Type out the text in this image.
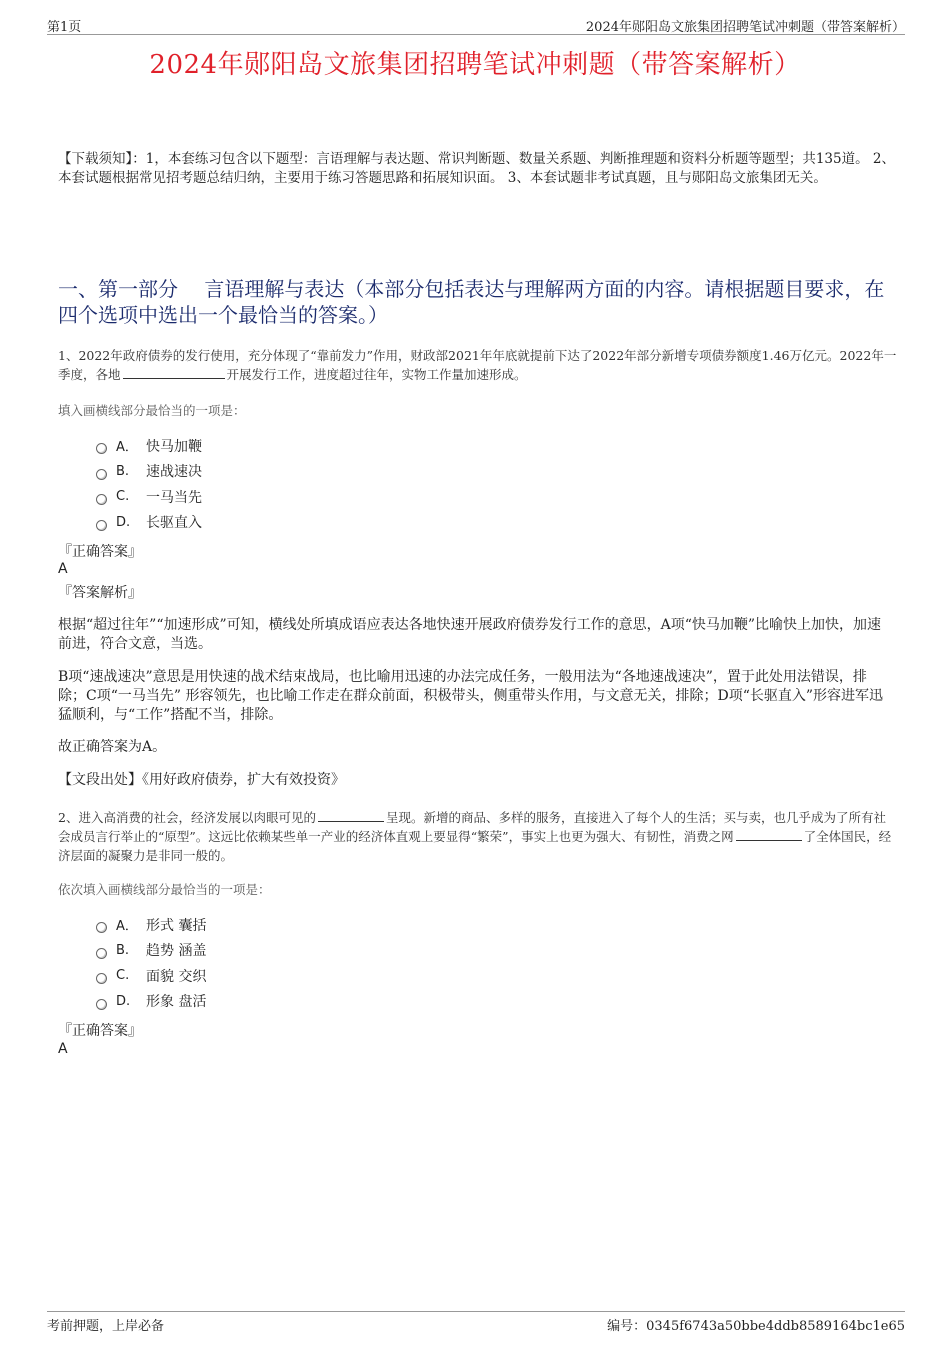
第1页	2024年郧阳岛文旅集团招聘笔试冲刺题（带答案解析）
2024年郧阳岛文旅集团招聘笔试冲刺题（带答案解析）
【下载须知】：1，本套练习包含以下题型：言语理解与表达题、常识判断题、数量关系题、判断推理题和资料分析题等题型；共135道。 2、本套试题根据常见招考题总结归纳，主要用于练习答题思路和拓展知识面。 3、本套试题非考试真题，且与郧阳岛文旅集团无关。
一、第一部分　 言语理解与表达（本部分包括表达与理解两方面的内容。请根据题目要求，在四个选项中选出一个最恰当的答案。）
1、2022年政府债券的发行使用，充分体现了“靠前发力”作用，财政部2021年年底就提前下达了2022年部分新增专项债券额度1.46万亿元。2022年一季度，各地	开展发行工作，进度超过往年，实物工作量加速形成。
填入画横线部分最恰当的一项是：
A． 快马加鞭
B.	速战速决
C.	一马当先
D.	长驱直入
『正确答案』
A
『答案解析』
根据“超过往年”“加速形成”可知，横线处所填成语应表达各地快速开展政府债券发行工作的意思，A项“快马加鞭”比喻快上加快，加速前进，符合文意，当选。
B项“速战速决”意思是用快速的战术结束战局，也比喻用迅速的办法完成任务，一般用法为“各地速战速决”，置于此处用法错误，排除；C项“一马当先” 形容领先，也比喻工作走在群众前面，积极带头，侧重带头作用，与文意无关，排除；D项“长驱直入”形容进军迅猛顺利，与“工作”搭配不当，排除。
故正确答案为A。
【文段出处】《用好政府债券，扩大有效投资》
2、进入高消费的社会，经济发展以肉眼可见的	呈现。新增的商品、多样的服务，直接进入了每个人的生活；买与卖，也几乎成为了所有社会成员言行举止的“原型”。这远比依赖某些单一产业的经济体直观上要显得“繁荣”，事实上也更为强大、有韧性，消费之网	了全体国民，经济层面的凝聚力是非同一般的。
依次填入画横线部分最恰当的一项是：
A． 形式 囊括
B.	趋势 涵盖
C.	面貌 交织
D.	形象 盘活
『正确答案』
A
考前押题，上岸必备	编号：0345f6743a50bbe4ddb8589164bc1e65
